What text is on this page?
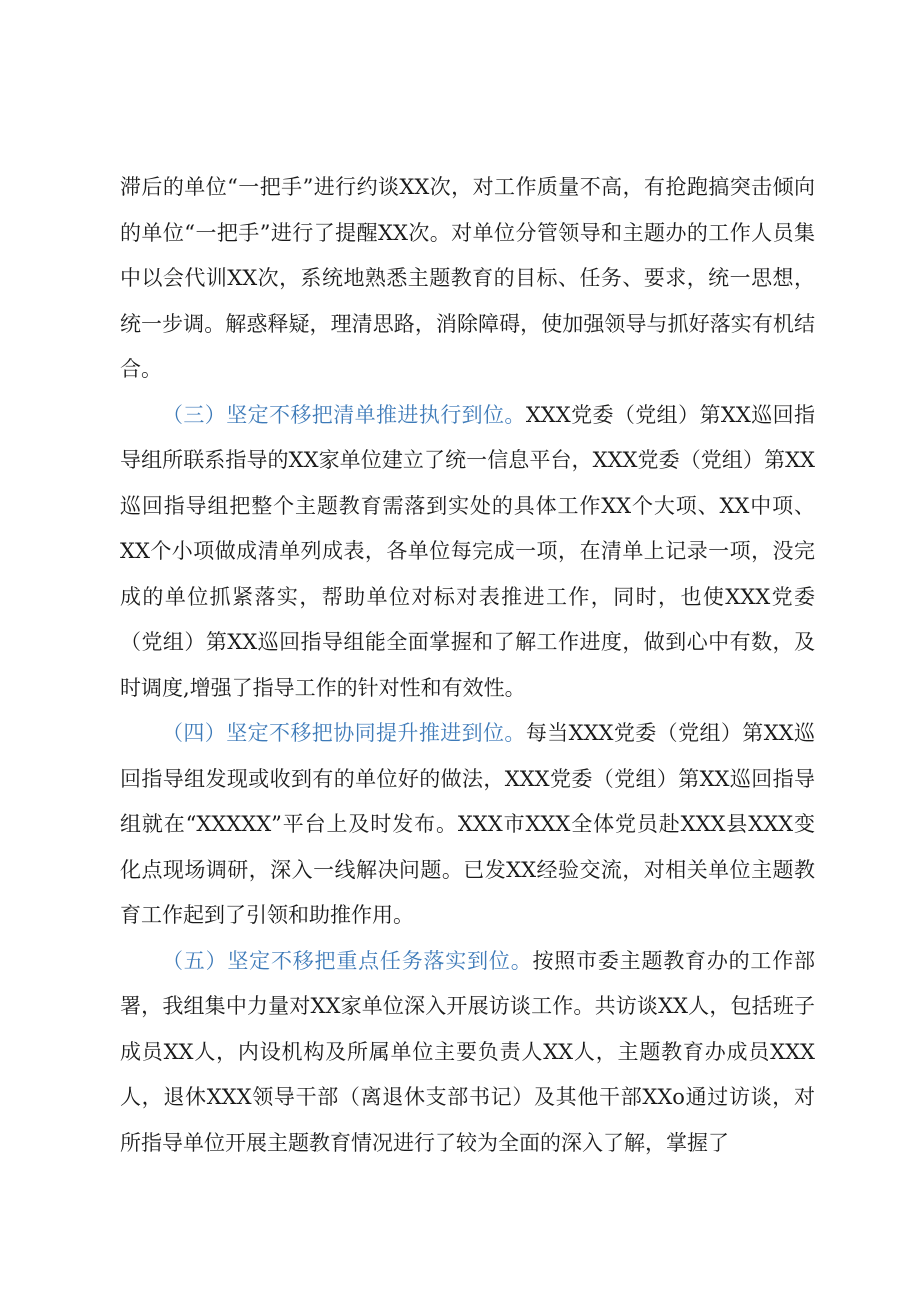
滞后的单位“一把手”进行约谈XX次，对工作质量不高，有抢跑搞突击倾向的单位“一把手”进行了提醒XX次。对单位分管领导和主题办的工作人员集中以会代训XX次，系统地熟悉主题教育的目标、任务、要求，统一思想，统一步调。解惑释疑，理清思路，消除障碍，使加强领导与抓好落实有机结合。

（三）坚定不移把清单推进执行到位。XXX党委（党组）第XX巡回指导组所联系指导的XX家单位建立了统一信息平台，XXX党委（党组）第XX巡回指导组把整个主题教育需落到实处的具体工作XX个大项、XX中项、XX个小项做成清单列成表，各单位每完成一项，在清单上记录一项，没完成的单位抓紧落实，帮助单位对标对表推进工作，同时，也使XXX党委（党组）第XX巡回指导组能全面掌握和了解工作进度，做到心中有数，及时调度,增强了指导工作的针对性和有效性。

（四）坚定不移把协同提升推进到位。每当XXX党委（党组）第XX巡回指导组发现或收到有的单位好的做法，XXX党委（党组）第XX巡回指导组就在“XXXXX”平台上及时发布。XXX市XXX全体党员赴XXX县XXX变化点现场调研，深入一线解决问题。已发XX经验交流，对相关单位主题教育工作起到了引领和助推作用。

（五）坚定不移把重点任务落实到位。按照市委主题教育办的工作部署，我组集中力量对XX家单位深入开展访谈工作。共访谈XX人，包括班子成员XX人，内设机构及所属单位主要负责人XX人，主题教育办成员XXX人，退休XXX领导干部（离退休支部书记）及其他干部XXo通过访谈，对所指导单位开展主题教育情况进行了较为全面的深入了解，掌握了
